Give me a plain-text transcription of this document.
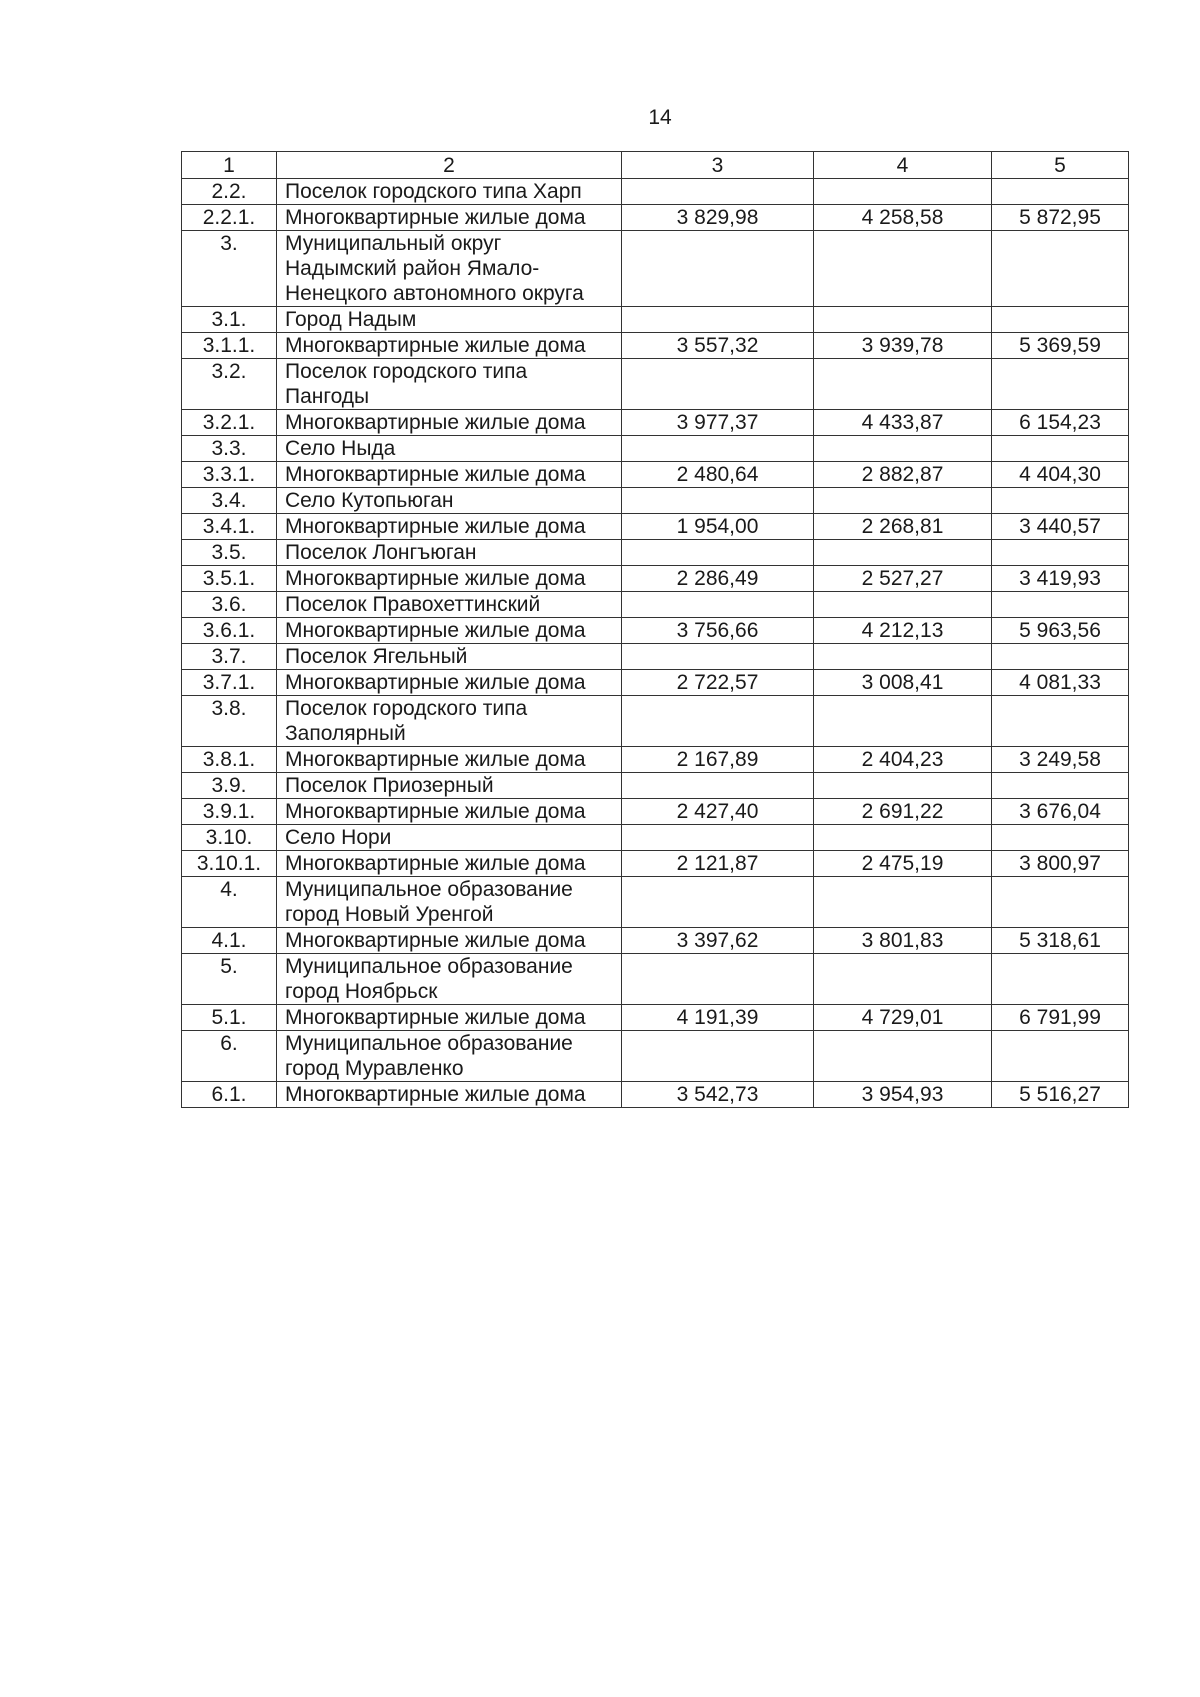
14
1	2	3	4	5
2.2.	Поселок городского типа Харп			
2.2.1.	Многоквартирные жилые дома	3 829,98	4 258,58	5 872,95
3.	Муниципальный округ Надымский район Ямало-Ненецкого автономного округа			
3.1.	Город Надым			
3.1.1.	Многоквартирные жилые дома	3 557,32	3 939,78	5 369,59
3.2.	Поселок городского типа Пангоды			
3.2.1.	Многоквартирные жилые дома	3 977,37	4 433,87	6 154,23
3.3.	Село Ныда			
3.3.1.	Многоквартирные жилые дома	2 480,64	2 882,87	4 404,30
3.4.	Село Кутопьюган			
3.4.1.	Многоквартирные жилые дома	1 954,00	2 268,81	3 440,57
3.5.	Поселок Лонгъюган			
3.5.1.	Многоквартирные жилые дома	2 286,49	2 527,27	3 419,93
3.6.	Поселок Правохеттинский			
3.6.1.	Многоквартирные жилые дома	3 756,66	4 212,13	5 963,56
3.7.	Поселок Ягельный			
3.7.1.	Многоквартирные жилые дома	2 722,57	3 008,41	4 081,33
3.8.	Поселок городского типа Заполярный			
3.8.1.	Многоквартирные жилые дома	2 167,89	2 404,23	3 249,58
3.9.	Поселок Приозерный			
3.9.1.	Многоквартирные жилые дома	2 427,40	2 691,22	3 676,04
3.10.	Село Нори			
3.10.1.	Многоквартирные жилые дома	2 121,87	2 475,19	3 800,97
4.	Муниципальное образование город Новый Уренгой			
4.1.	Многоквартирные жилые дома	3 397,62	3 801,83	5 318,61
5.	Муниципальное образование город Ноябрьск			
5.1.	Многоквартирные жилые дома	4 191,39	4 729,01	6 791,99
6.	Муниципальное образование город Муравленко			
6.1.	Многоквартирные жилые дома	3 542,73	3 954,93	5 516,27
